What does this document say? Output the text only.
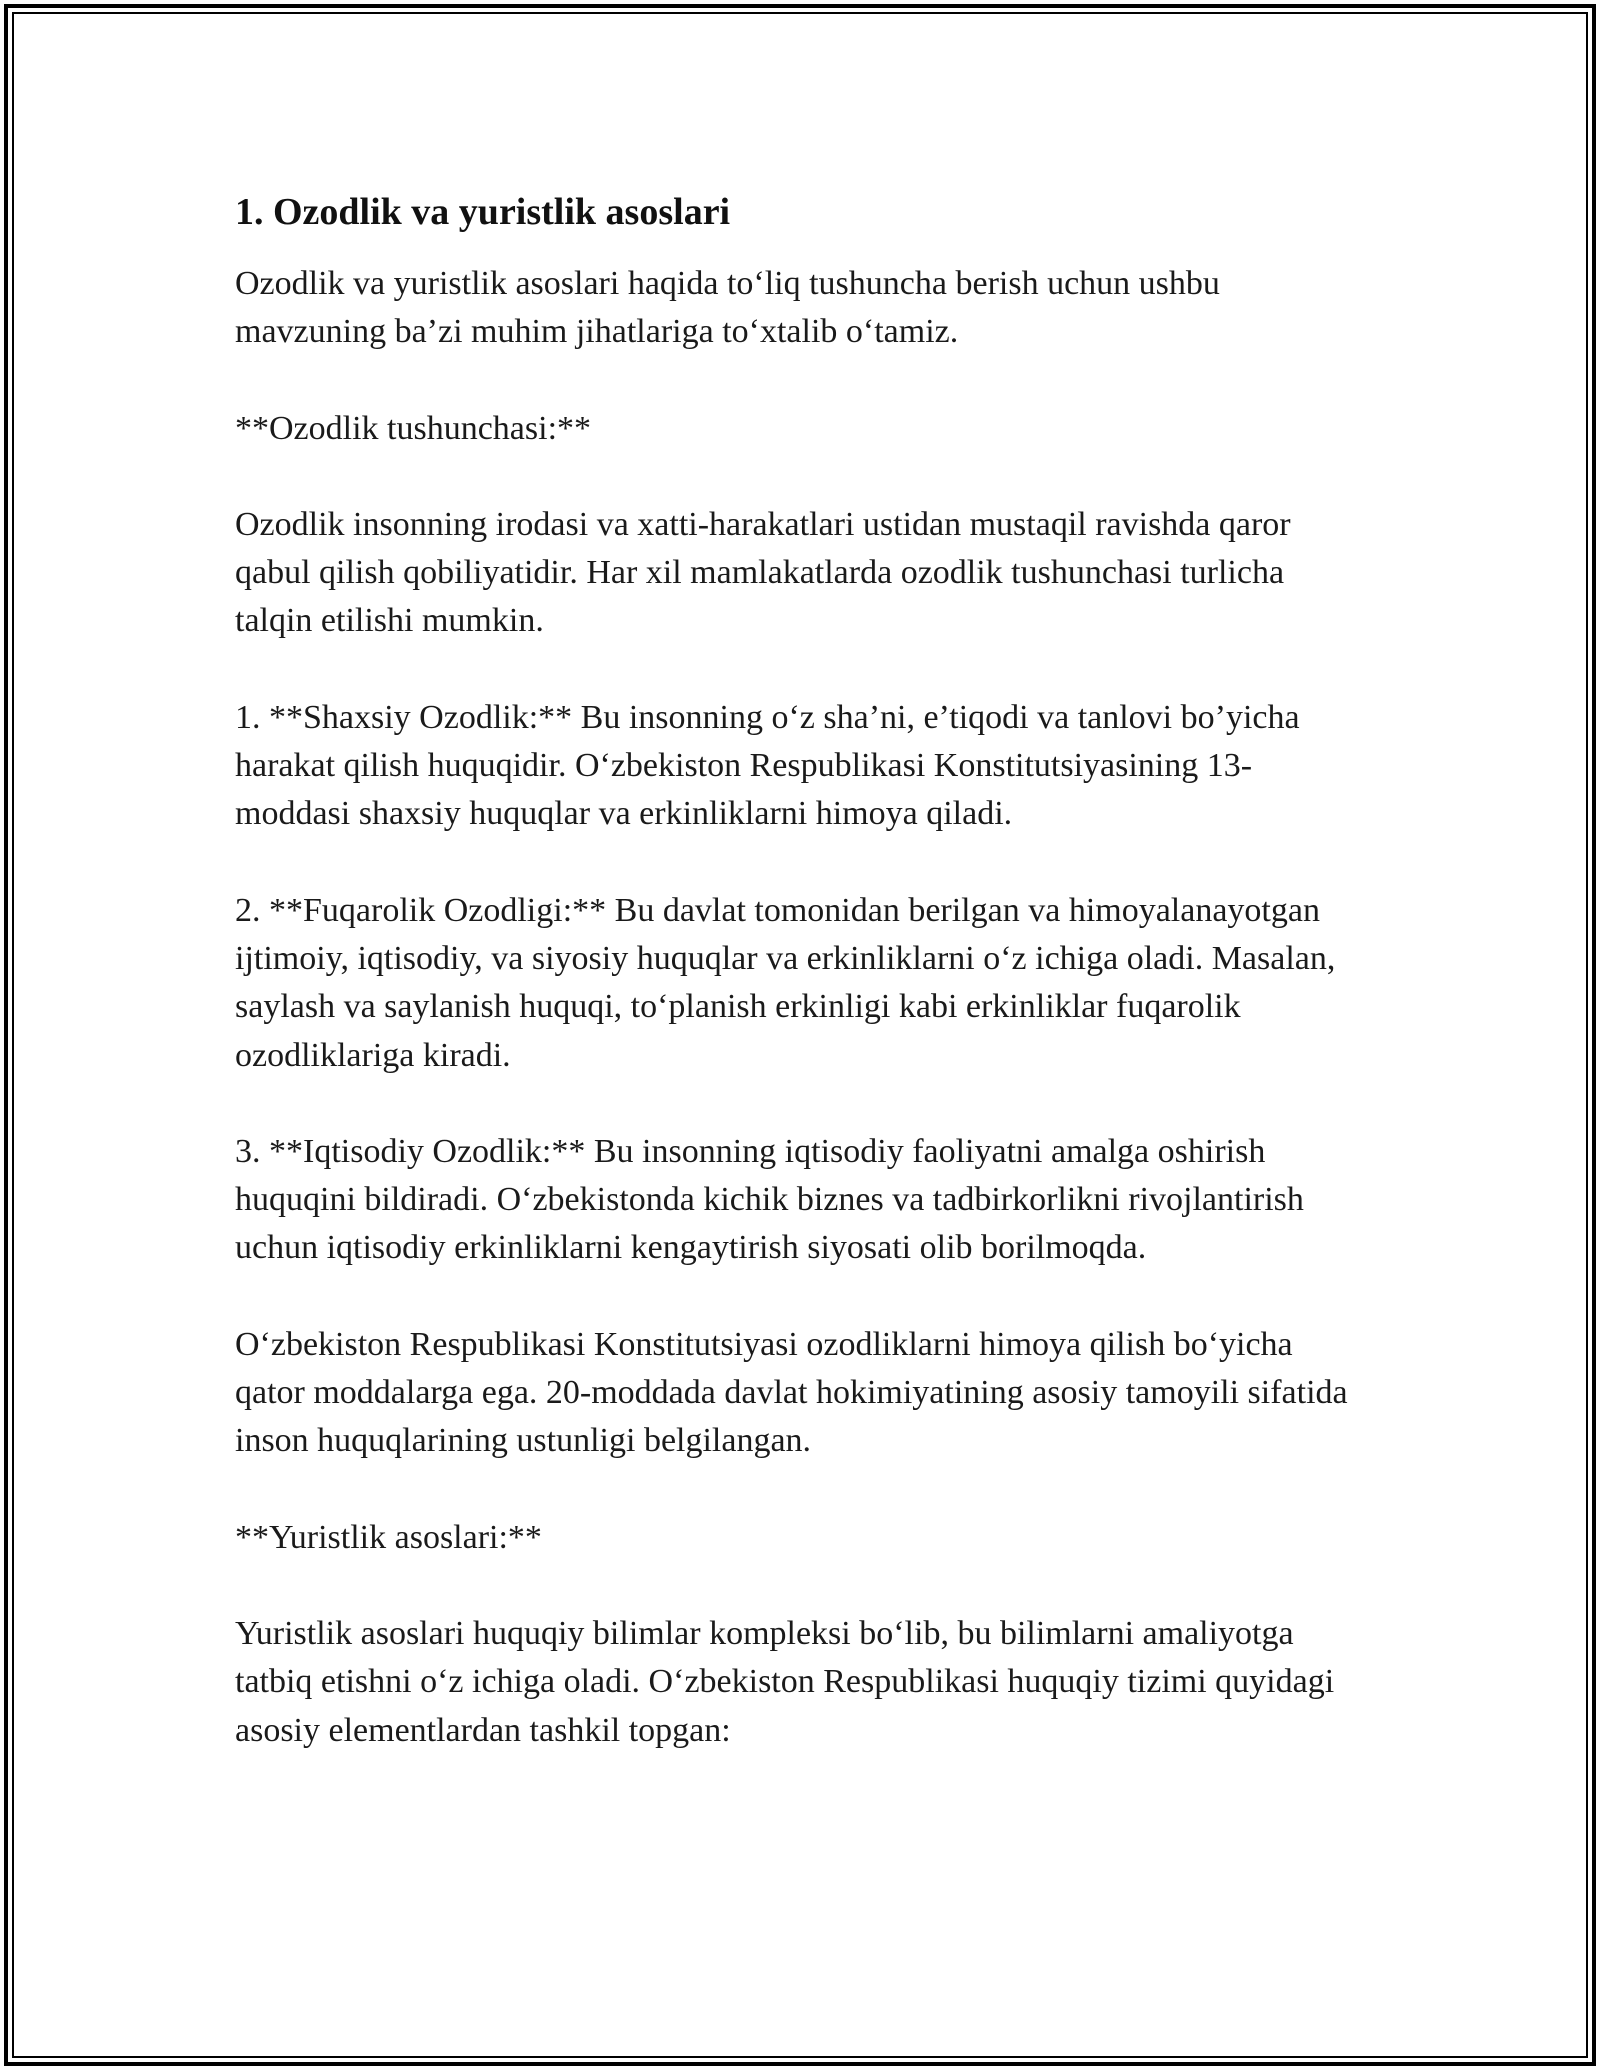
1. Ozodlik va yuristlik asoslari

Ozodlik va yuristlik asoslari haqida to‘liq tushuncha berish uchun ushbu mavzuning ba’zi muhim jihatlariga to‘xtalib o‘tamiz.

**Ozodlik tushunchasi:**

Ozodlik insonning irodasi va xatti-harakatlari ustidan mustaqil ravishda qaror qabul qilish qobiliyatidir. Har xil mamlakatlarda ozodlik tushunchasi turlicha talqin etilishi mumkin.

1. **Shaxsiy Ozodlik:** Bu insonning o‘z sha’ni, e’tiqodi va tanlovi bo’yicha harakat qilish huquqidir. O‘zbekiston Respublikasi Konstitutsiyasining 13-moddasi shaxsiy huquqlar va erkinliklarni himoya qiladi.

2. **Fuqarolik Ozodligi:** Bu davlat tomonidan berilgan va himoyalanayotgan ijtimoiy, iqtisodiy, va siyosiy huquqlar va erkinliklarni o‘z ichiga oladi. Masalan, saylash va saylanish huquqi, to‘planish erkinligi kabi erkinliklar fuqarolik ozodliklariga kiradi.

3. **Iqtisodiy Ozodlik:** Bu insonning iqtisodiy faoliyatni amalga oshirish huquqini bildiradi. O‘zbekistonda kichik biznes va tadbirkorlikni rivojlantirish uchun iqtisodiy erkinliklarni kengaytirish siyosati olib borilmoqda.

O‘zbekiston Respublikasi Konstitutsiyasi ozodliklarni himoya qilish bo‘yicha qator moddalarga ega. 20-moddada davlat hokimiyatining asosiy tamoyili sifatida inson huquqlarining ustunligi belgilangan.

**Yuristlik asoslari:**

Yuristlik asoslari huquqiy bilimlar kompleksi bo‘lib, bu bilimlarni amaliyotga tatbiq etishni o‘z ichiga oladi. O‘zbekiston Respublikasi huquqiy tizimi quyidagi asosiy elementlardan tashkil topgan:
